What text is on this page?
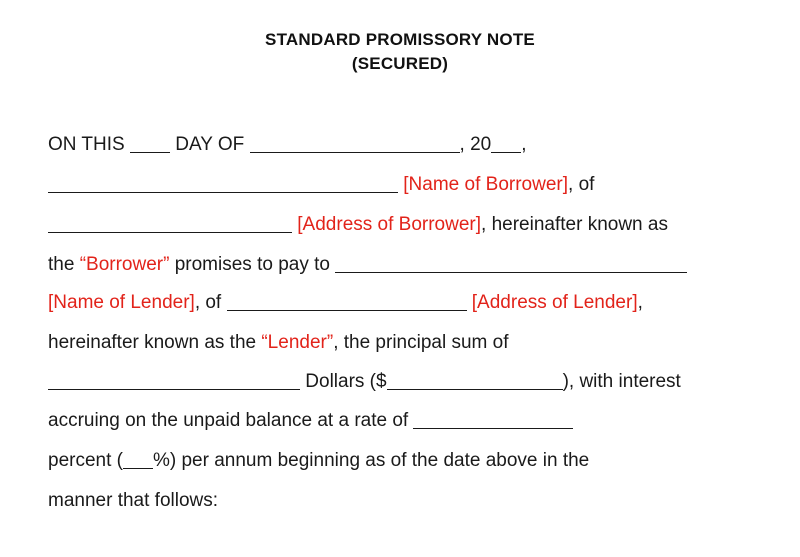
STANDARD PROMISSORY NOTE
(SECURED)
ON THIS  DAY OF	, 20 ,
[Name of Borrower], of
[Address of Borrower], hereinafter known as
the “Borrower” promises to pay to
[Name of Lender], of	[Address of Lender],
hereinafter known as the “Lender”, the principal sum of
Dollars ($	), with interest
accruing on the unpaid balance at a rate of
percent ( %) per annum beginning as of the date above in the
manner that follows:
